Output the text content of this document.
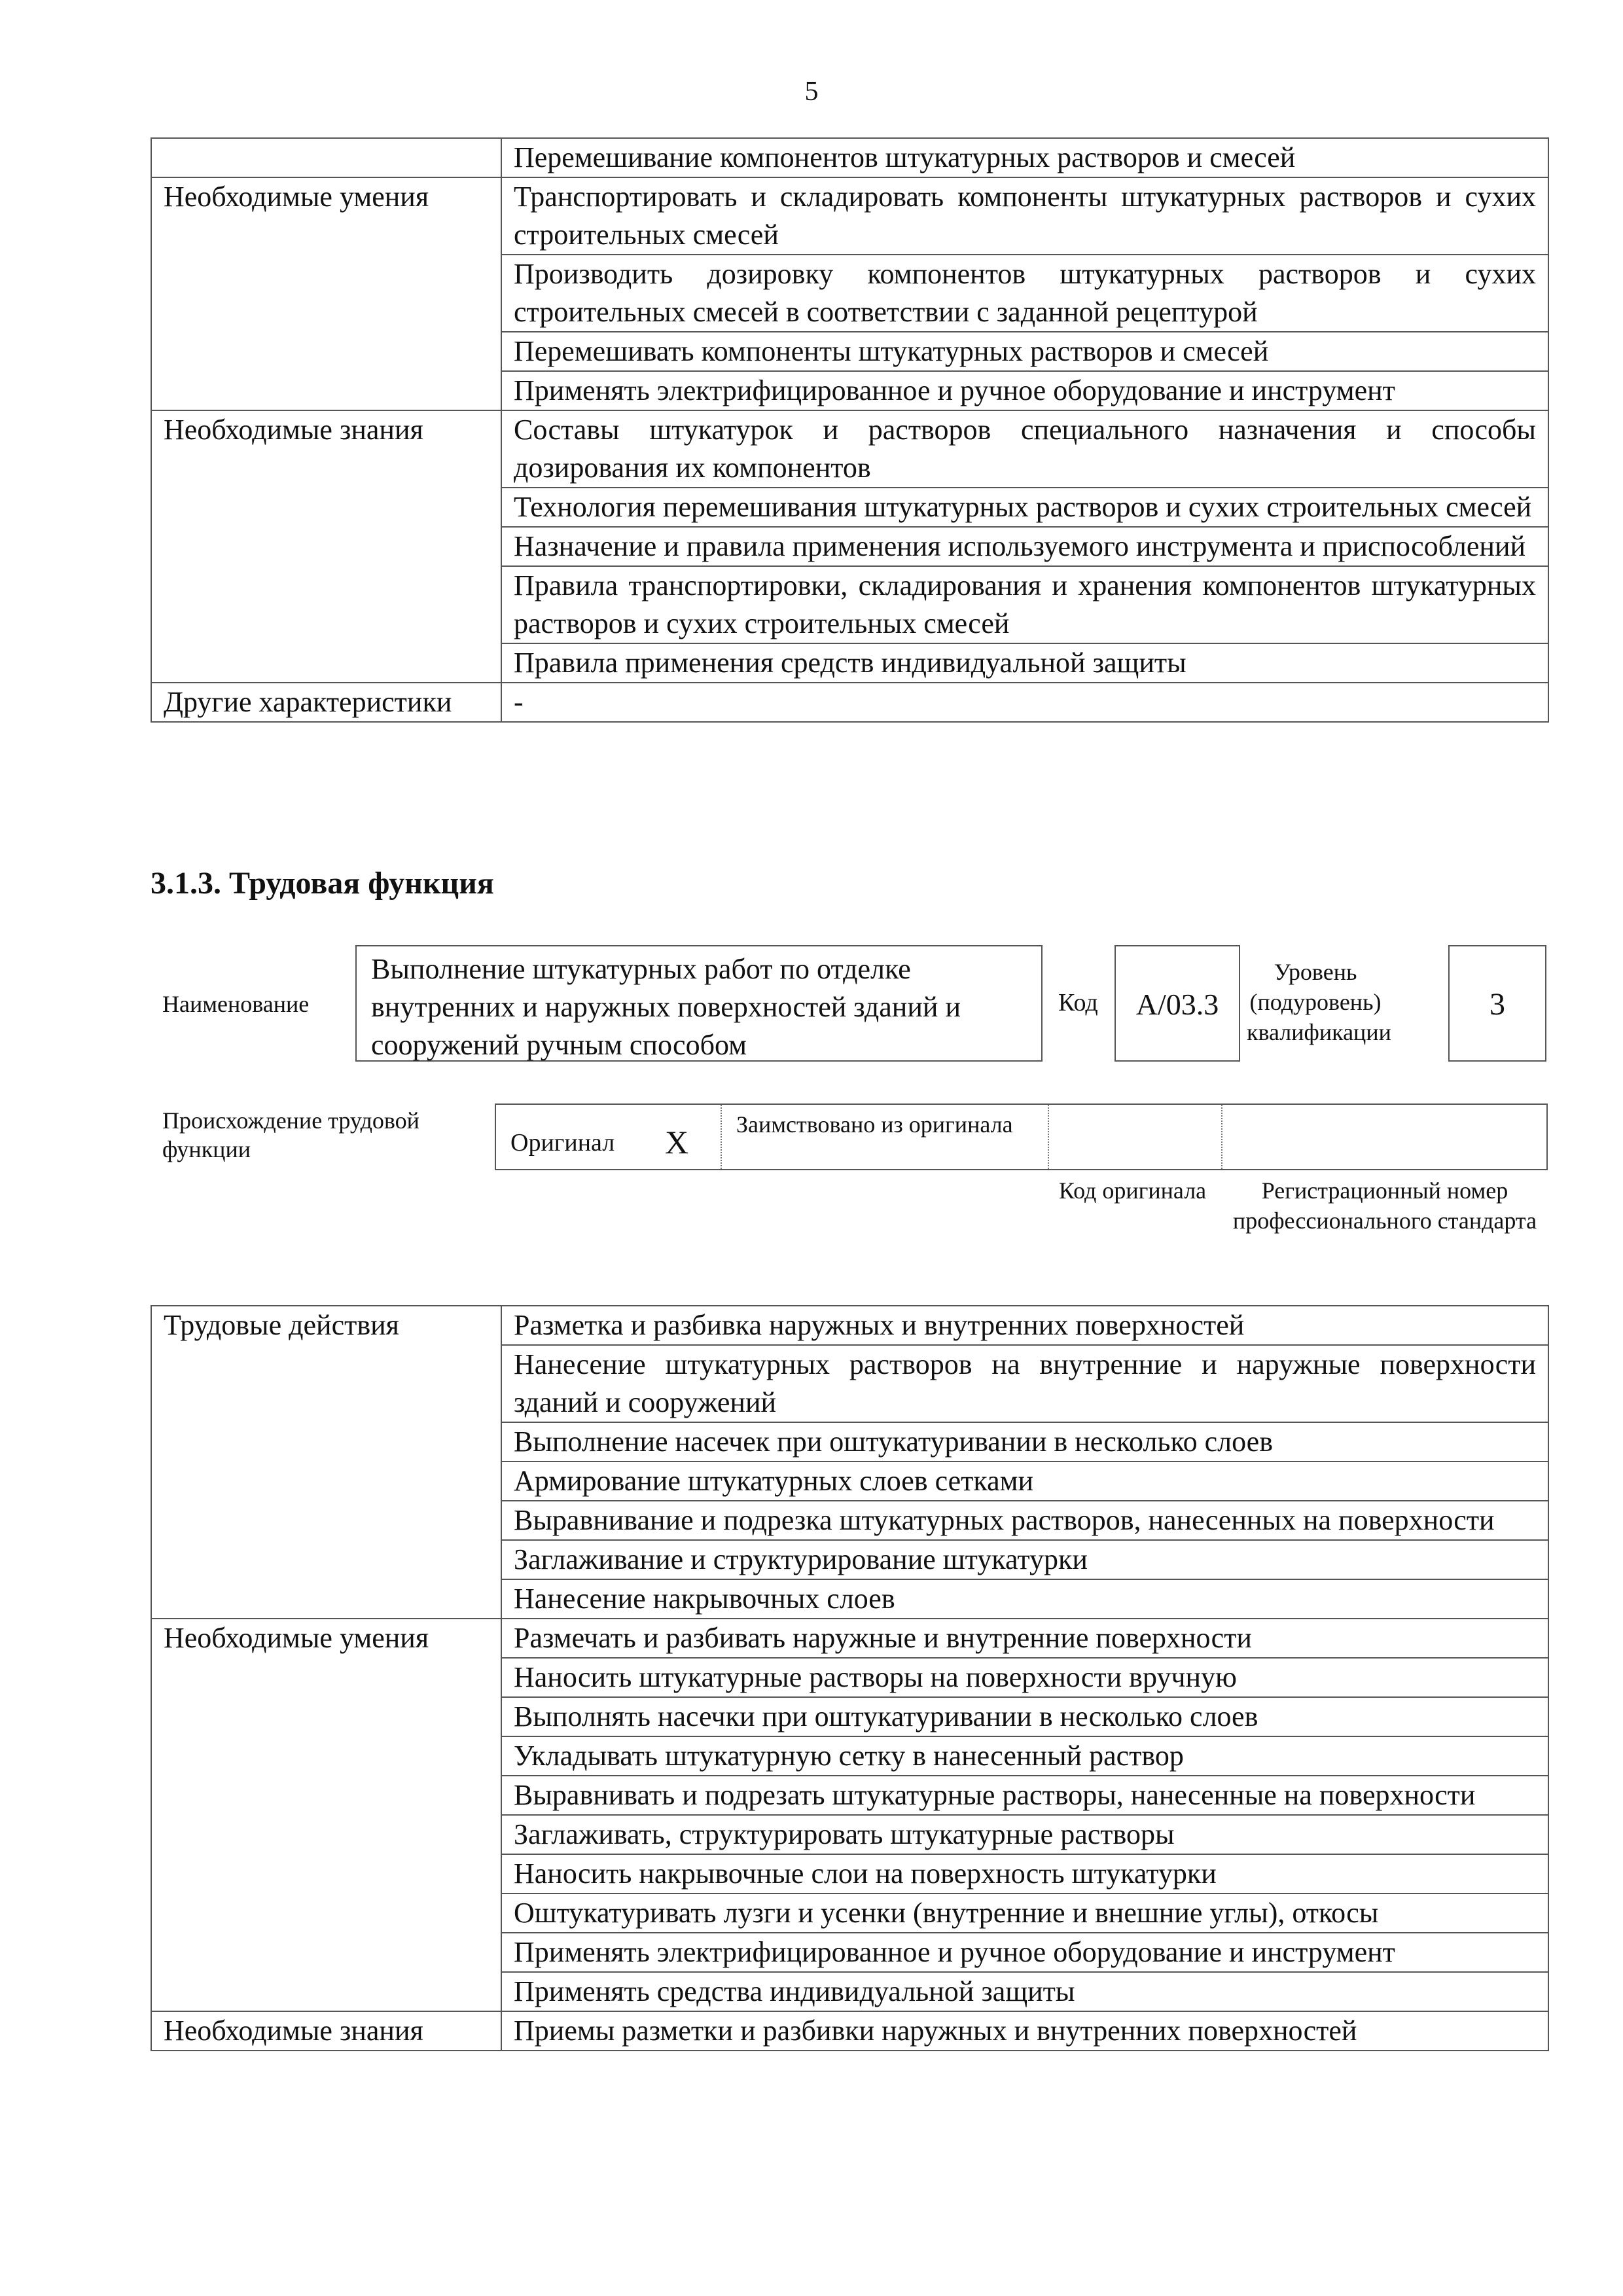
5
	Перемешивание компонентов штукатурных растворов и смесей
Необходимые умения	Транспортировать и складировать компоненты штукатурных растворов и сухих строительных смесей
	Производить дозировку компонентов штукатурных растворов и сухих строительных смесей в соответствии с заданной рецептурой
	Перемешивать компоненты штукатурных растворов и смесей
	Применять электрифицированное и ручное оборудование и инструмент
Необходимые знания	Составы штукатурок и растворов специального назначения и способы дозирования их компонентов
	Технология перемешивания штукатурных растворов и сухих строительных смесей
	Назначение и правила применения используемого инструмента и приспособлений
	Правила транспортировки, складирования и хранения компонентов штукатурных растворов и сухих строительных смесей
	Правила применения средств индивидуальной защиты
Другие характеристики	-
3.1.3. Трудовая функция
Наименование
Выполнение штукатурных работ по отделке внутренних и наружных поверхностей зданий и сооружений ручным способом
Код	А/03.3
Уровень (подуровень) квалификации
3
Происхождение трудовой функции	Оригинал X Заимствовано из оригинала
Код оригинала	Регистрационный номер профессионального стандарта
Трудовые действия	Разметка и разбивка наружных и внутренних поверхностей
	Нанесение штукатурных растворов на внутренние и наружные поверхности зданий и сооружений
	Выполнение насечек при оштукатуривании в несколько слоев
	Армирование штукатурных слоев сетками
	Выравнивание и подрезка штукатурных растворов, нанесенных на поверхности
	Заглаживание и структурирование штукатурки
	Нанесение накрывочных слоев
Необходимые умения	Размечать и разбивать наружные и внутренние поверхности
	Наносить штукатурные растворы на поверхности вручную
	Выполнять насечки при оштукатуривании в несколько слоев
	Укладывать штукатурную сетку в нанесенный раствор
	Выравнивать и подрезать штукатурные растворы, нанесенные на поверхности
	Заглаживать, структурировать штукатурные растворы
	Наносить накрывочные слои на поверхность штукатурки
	Оштукатуривать лузги и усенки (внутренние и внешние углы), откосы
	Применять электрифицированное и ручное оборудование и инструмент
	Применять средства индивидуальной защиты
Необходимые знания	Приемы разметки и разбивки наружных и внутренних поверхностей
